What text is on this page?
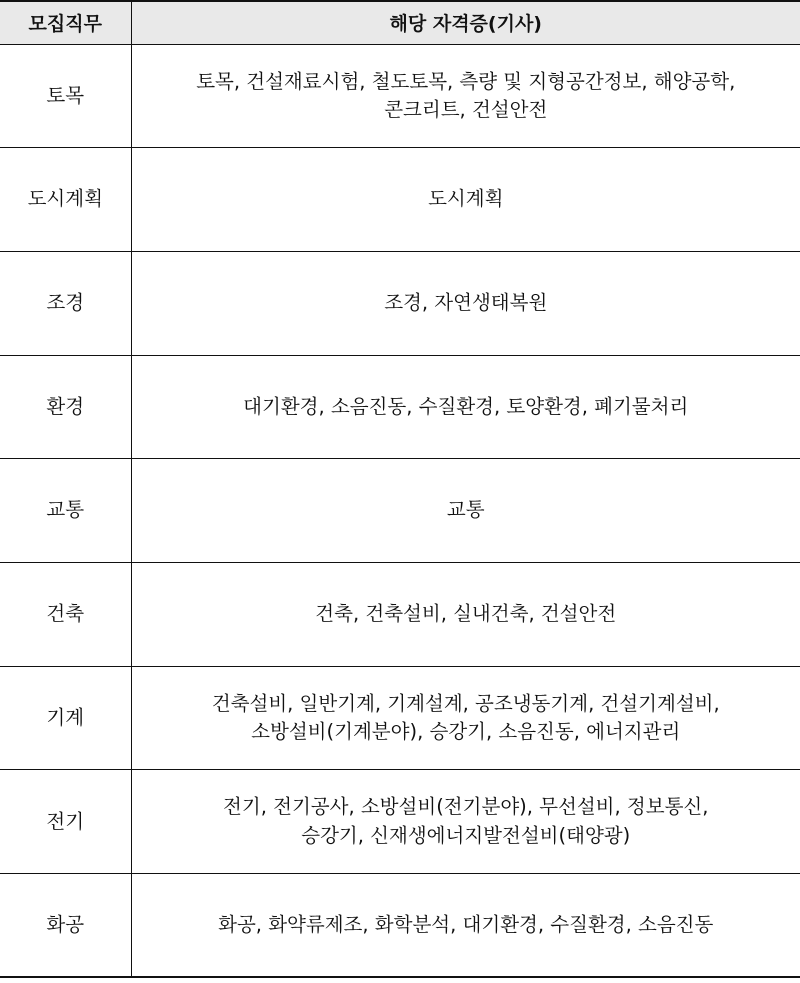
모집직무	해당 자격증(기사)
토목	토목, 건설재료시험, 철도토목, 측량 및 지형공간정보, 해양공학,
콘크리트, 건설안전

도시계획	도시계획

조경	조경, 자연생태복원

환경	대기환경, 소음진동, 수질환경, 토양환경, 폐기물처리

교통	교통

건축	건축, 건축설비, 실내건축, 건설안전

기계	건축설비, 일반기계, 기계설계, 공조냉동기계, 건설기계설비,
소방설비(기계분야), 승강기, 소음진동, 에너지관리

전기	전기, 전기공사, 소방설비(전기분야), 무선설비, 정보통신,
승강기, 신재생에너지발전설비(태양광)

화공	화공, 화약류제조, 화학분석, 대기환경, 수질환경, 소음진동
